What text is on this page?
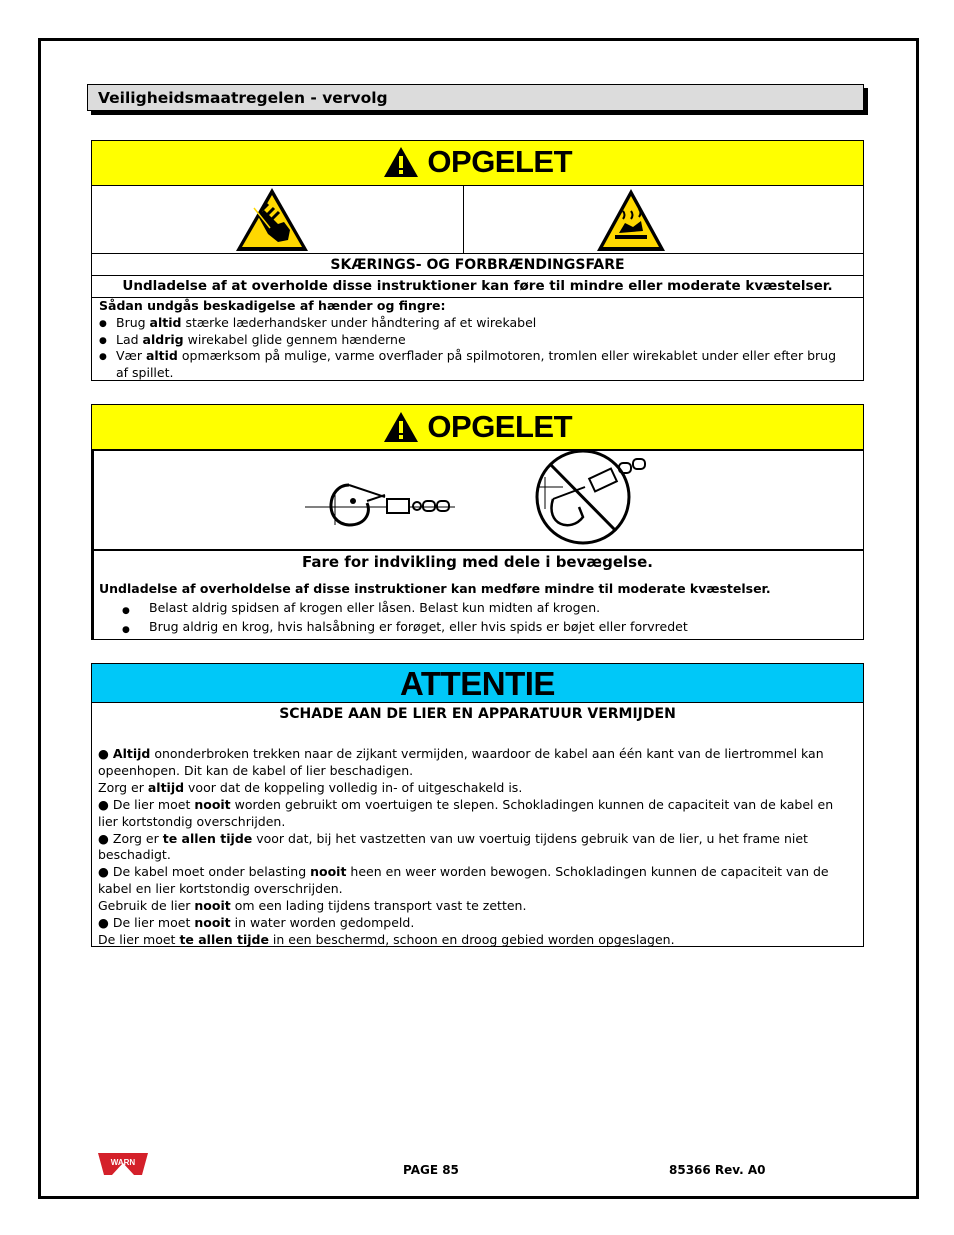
Veiligheidsmaatregelen - vervolg
OPGELET
SKÆRINGS- OG FORBRÆNDINGSFARE
Undladelse af at overholde disse instruktioner kan føre til mindre eller moderate kvæstelser.
Sådan undgås beskadigelse af hænder og fingre:
● Brug altid stærke læderhandsker under håndtering af et wirekabel
● Lad aldrig wirekabel glide gennem hænderne
● Vær altid opmærksom på mulige, varme overflader på spilmotoren, tromlen eller wirekablet under eller efter brug af spillet.
OPGELET
Fare for indvikling med dele i bevægelse.
Undladelse af overholdelse af disse instruktioner kan medføre mindre til moderate kvæstelser.
● Belast aldrig spidsen af krogen eller låsen. Belast kun midten af krogen.
● Brug aldrig en krog, hvis halsåbning er forøget, eller hvis spids er bøjet eller forvredet
ATTENTIE
SCHADE AAN DE LIER EN APPARATUUR VERMIJDEN
● Altijd ononderbroken trekken naar de zijkant vermijden, waardoor de kabel aan één kant van de liertrommel kan opeenhopen. Dit kan de kabel of lier beschadigen.
Zorg er altijd voor dat de koppeling volledig in- of uitgeschakeld is.
● De lier moet nooit worden gebruikt om voertuigen te slepen. Schokladingen kunnen de capaciteit van de kabel en lier kortstondig overschrijden.
● Zorg er te allen tijde voor dat, bij het vastzetten van uw voertuig tijdens gebruik van de lier, u het frame niet beschadigt.
● De kabel moet onder belasting nooit heen en weer worden bewogen. Schokladingen kunnen de capaciteit van de kabel en lier kortstondig overschrijden.
Gebruik de lier nooit om een lading tijdens transport vast te zetten.
● De lier moet nooit in water worden gedompeld.
De lier moet te allen tijde in een beschermd, schoon en droog gebied worden opgeslagen.
WARN
PAGE 85	85366 Rev. A0
